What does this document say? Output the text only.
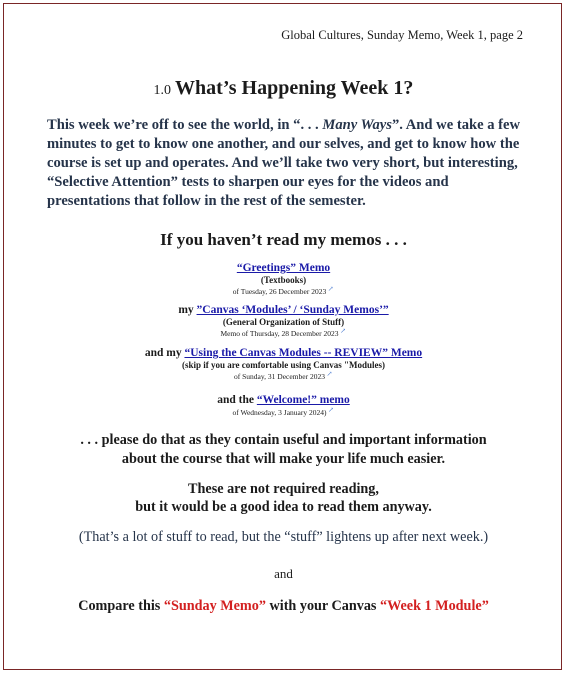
Global Cultures, Sunday Memo, Week 1, page 2
1.0 What’s Happening Week 1?
This week we’re off to see the world, in “. . . Many Ways”. And we take a few minutes to get to know one another, and our selves, and get to know how the course is set up and operates. And we’ll take two very short, but interesting, “Selective Attention” tests to sharpen our eyes for the videos and presentations that follow in the rest of the semester.
If you haven’t read my memos . . .
“Greetings” Memo
(Textbooks)
of Tuesday, 26 December 2023 ↗
my ”Canvas ‘Modules’ / ‘Sunday Memos’”
(General Organization of Stuff)
Memo of Thursday, 28 December 2023 ↗
and my “Using the Canvas Modules -- REVIEW” Memo
(skip if you are comfortable using Canvas "Modules)
of Sunday, 31 December 2023 ↗
and the “Welcome!” memo
of Wednesday, 3 January 2024) ↗
. . . please do that as they contain useful and important information
about the course that will make your life much easier.
These are not required reading,
but it would be a good idea to read them anyway.
(That’s a lot of stuff to read, but the “stuff” lightens up after next week.)
and
Compare this “Sunday Memo” with your Canvas “Week 1 Module”
